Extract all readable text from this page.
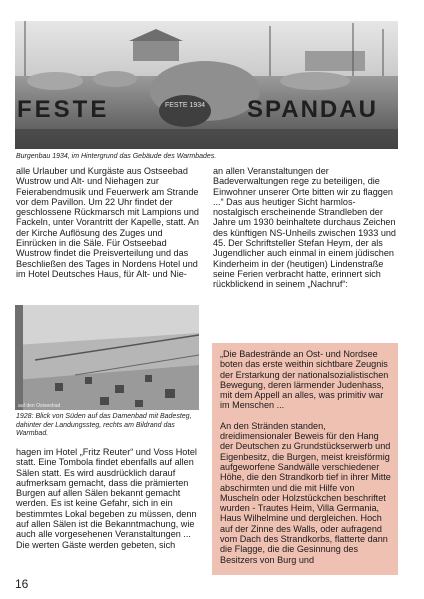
FESTE 1934
FESTE	SPANDAU
Burgenbau 1934, im Hintergrund das Gebäude des Warmbades.

alle Urlauber und Kurgäste aus Ostseebad Wustrow und Alt- und Niehagen zur Feierabendmusik und Feuerwerk am Strande vor dem Pavillon. Um 22 Uhr findet der geschlossene Rückmarsch mit Lampions und Fackeln, unter Vorantritt der Kapelle, statt. An der Kirche Auflösung des Zuges und Einrücken in die Säle. Für Ostseebad Wustrow findet die Preisverteilung und das Beschließen des Tages in Nordens Hotel und im Hotel Deutsches Haus, für Alt- und Nie-

auf den Ostseebad
1928: Blick von Süden auf das Damenbad mit Badesteg, dahinter der Landungssteg, rechts am Bildrand das Warmbad.

hagen im Hotel „Fritz Reuter“ und Voss Hotel statt. Eine Tombola findet ebenfalls auf allen Sälen statt. Es wird ausdrücklich darauf aufmerksam gemacht, dass die prämierten Burgen auf allen Sälen bekannt gemacht werden. Es ist keine Gefahr, sich in ein bestimmtes Lokal begeben zu müssen, denn auf allen Sälen ist die Bekanntmachung, wie auch alle vorgesehenen Veranstaltungen ... Die werten Gäste werden gebeten, sich

an allen Veranstaltungen der Badeverwaltungen rege zu beteiligen, die Einwohner unserer Orte bitten wir zu flaggen ...“ Das aus heutiger Sicht harmlos-nostalgisch erscheinende Strandleben der Jahre um 1930 beinhaltete durchaus Zeichen des künftigen NS-Unheils zwischen 1933 und 45. Der Schriftsteller Stefan Heym, der als Jugendlicher auch einmal in einem jüdischen Kinderheim in der (heutigen) Lindenstraße seine Ferien verbracht hatte, erinnert sich rückblickend in seinem „Nachruf“:

„Die Badestrände an Ost- und Nordsee boten das erste weithin sichtbare Zeugnis der Erstarkung der nationalsozialistischen Bewegung, deren lärmender Judenhass, mit dem Appell an alles, was primitiv war im Menschen ...

An den Stränden standen, dreidimensionaler Beweis für den Hang der Deutschen zu Grundstückserwerb und Eigenbesitz, die Burgen, meist kreisförmig aufgeworfene Sandwälle verschiedener Höhe, die den Strandkorb tief in ihrer Mitte abschirmten und die mit Hilfe von Muscheln oder Holzstückchen beschriftet wurden - Trautes Heim, Villa Germania, Haus Wilhelmine und dergleichen. Hoch auf der Zinne des Walls, oder aufragend vom Dach des Strandkorbs, flatterte dann die Flagge, die die Gesinnung des Besitzers von Burg und

16
